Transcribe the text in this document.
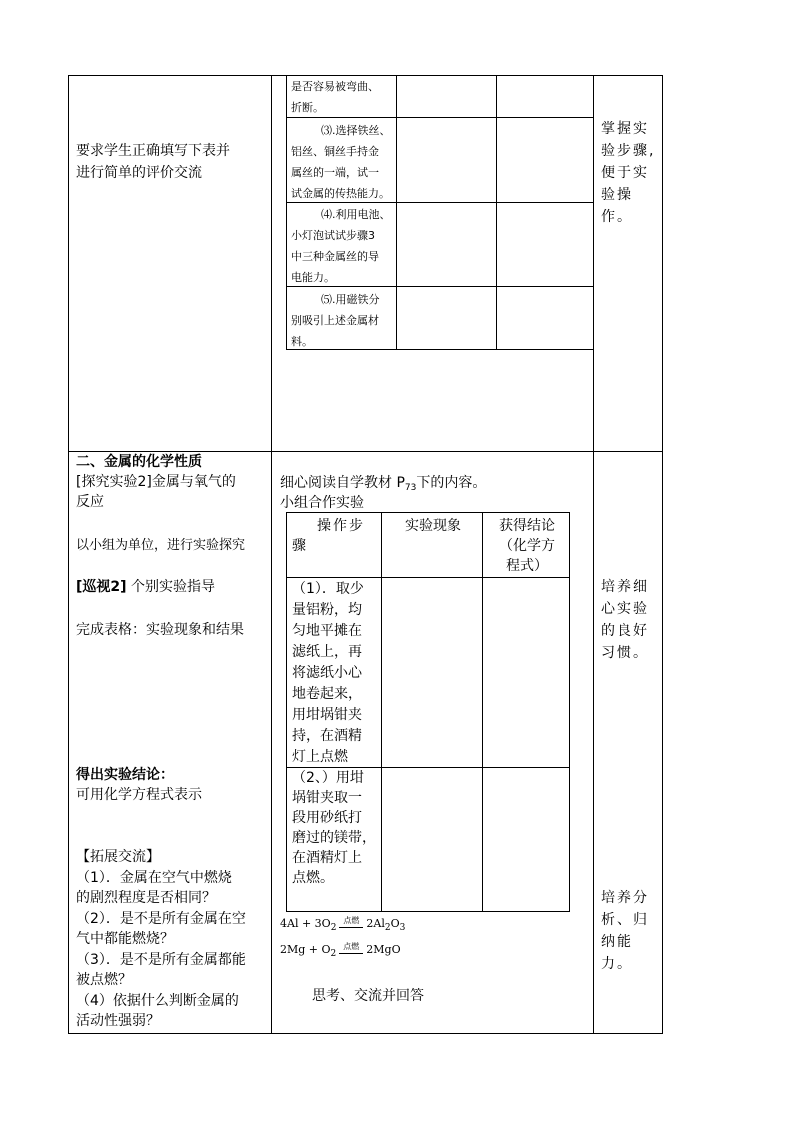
要求学生正确填写下表并
进行简单的评价交流
掌握实
验步骤,
便于实
验操作。
是否容易被弯曲、
折断。
⑶.选择铁丝、
铝丝、铜丝手持金
属丝的一端，试一
试金属的传热能力。
⑷.利用电池、
小灯泡试试步骤3
中三种金属丝的导
电能力。
⑸.用磁铁分
别吸引上述金属材
料。
二、金属的化学性质
[探究实验2]金属与氧气的
反应
以小组为单位，进行实验探究
[巡视2] 个别实验指导
完成表格：实验现象和结果
得出实验结论：
可用化学方程式表示
【拓展交流】
（1）．金属在空气中燃烧
的剧烈程度是否相同？
（2）．是不是所有金属在空
气中都能燃烧？
（3）．是不是所有金属都能
被点燃？
（4）依据什么判断金属的
活动性强弱？
细心阅读自学教材 $P_{73}$下的内容。
小组合作实验
操作步
骤
实验现象	获得结论
（化学方
程式）
（1）．取少
量铝粉，均
匀地平摊在
滤纸上，再
将滤纸小心
地卷起来，
用坩埚钳夹
持，在酒精
灯上点燃
（2、）用坩
埚钳夹取一
段用砂纸打
磨过的镁带，
在酒精灯上
点燃。
$4Al + 3O_2$点燃 $2Al_2O_3$
$2Mg + O_2$点燃 2MgO
思考、交流并回答
培养细
心实验
的良好
习惯。
培养分
析、归
纳能力。
